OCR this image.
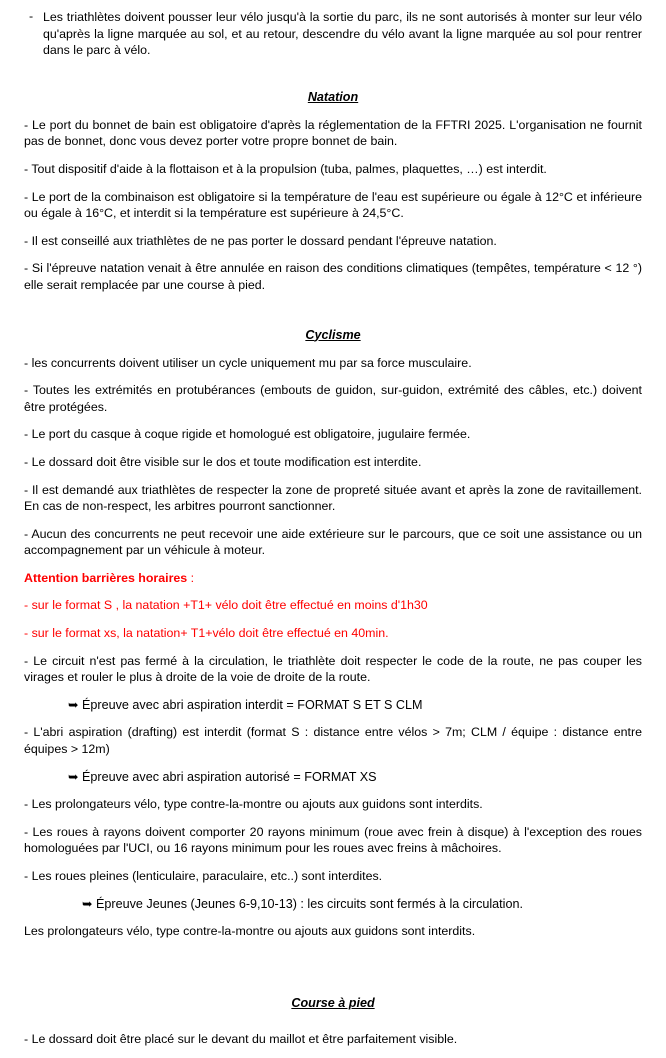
- Les triathlètes doivent pousser leur vélo jusqu'à la sortie du parc, ils ne sont autorisés à monter sur leur vélo qu'après la ligne marquée au sol, et au retour, descendre du vélo avant la ligne marquée au sol pour rentrer dans le parc à vélo.

Natation

- Le port du bonnet de bain est obligatoire d'après la réglementation de la FFTRI 2025. L'organisation ne fournit pas de bonnet, donc vous devez porter votre propre bonnet de bain.

- Tout dispositif d'aide à la flottaison et à la propulsion (tuba, palmes, plaquettes, …) est interdit.

- Le port de la combinaison est obligatoire si la température de l'eau est supérieure ou égale à 12°C et inférieure ou égale à 16°C, et interdit si la température est supérieure à 24,5°C.

- Il est conseillé aux triathlètes de ne pas porter le dossard pendant l'épreuve natation.

- Si l'épreuve natation venait à être annulée en raison des conditions climatiques (tempêtes, température < 12 °) elle serait remplacée par une course à pied.

Cyclisme

- les concurrents doivent utiliser un cycle uniquement mu par sa force musculaire.

- Toutes les extrémités en protubérances (embouts de guidon, sur-guidon, extrémité des câbles, etc.) doivent être protégées.

- Le port du casque à coque rigide et homologué est obligatoire, jugulaire fermée.

- Le dossard doit être visible sur le dos et toute modification est interdite.

- Il est demandé aux triathlètes de respecter la zone de propreté située avant et après la zone de ravitaillement. En cas de non-respect, les arbitres pourront sanctionner.

- Aucun des concurrents ne peut recevoir une aide extérieure sur le parcours, que ce soit une assistance ou un accompagnement par un véhicule à moteur.

Attention barrières horaires :

- sur le format S , la natation +T1+ vélo doit être effectué en moins d'1h30

- sur le format xs, la natation+ T1+vélo doit être effectué en 40min.

- Le circuit n'est pas fermé à la circulation, le triathlète doit respecter le code de la route, ne pas couper les virages et rouler le plus à droite de la voie de droite de la route.

➥ Épreuve avec abri aspiration interdit = FORMAT S ET S CLM

- L'abri aspiration (drafting) est interdit (format S : distance entre vélos > 7m; CLM / équipe : distance entre équipes > 12m)

➥ Épreuve avec abri aspiration autorisé = FORMAT XS

- Les prolongateurs vélo, type contre-la-montre ou ajouts aux guidons sont interdits.

- Les roues à rayons doivent comporter 20 rayons minimum (roue avec frein à disque) à l'exception des roues homologuées par l'UCI, ou 16 rayons minimum pour les roues avec freins à mâchoires.

- Les roues pleines (lenticulaire, paraculaire, etc..) sont interdites.

➥ Épreuve Jeunes (Jeunes 6-9,10-13) : les circuits sont fermés à la circulation.

Les prolongateurs vélo, type contre-la-montre ou ajouts aux guidons sont interdits.

Course à pied

- Le dossard doit être placé sur le devant du maillot et être parfaitement visible.
